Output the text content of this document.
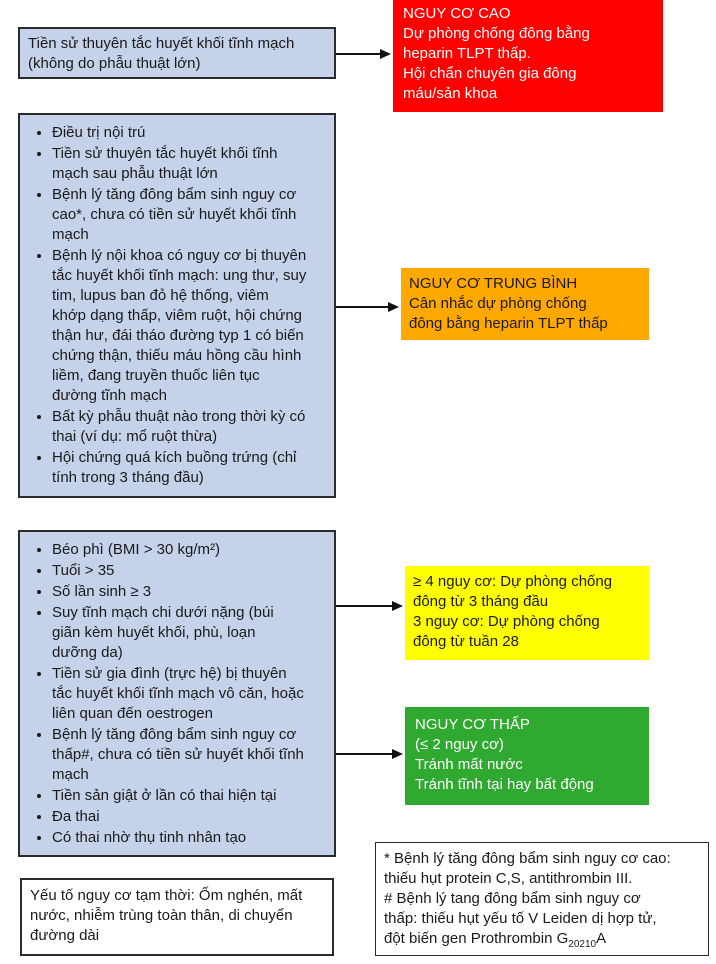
Tiền sử thuyên tắc huyết khối tĩnh mạch
(không do phẫu thuật lớn)
NGUY CƠ CAO
Dự phòng chống đông bằng
heparin TLPT thấp.
Hội chẩn chuyên gia đông
máu/sản khoa
• Điều trị nội trú
• Tiền sử thuyên tắc huyết khối tĩnh
mạch sau phẫu thuật lớn
• Bệnh lý tăng đông bẩm sinh nguy cơ
cao*, chưa có tiền sử huyết khối tĩnh
mạch
• Bệnh lý nội khoa có nguy cơ bị thuyên
tắc huyết khối tĩnh mạch: ung thư, suy
tim, lupus ban đỏ hệ thống, viêm
khớp dạng thấp, viêm ruột, hội chứng
thận hư, đái tháo đường typ 1 có biến
chứng thận, thiếu máu hồng cầu hình
liềm, đang truyền thuốc liên tục
đường tĩnh mạch
• Bất kỳ phẫu thuật nào trong thời kỳ có
thai (ví dụ: mổ ruột thừa)
• Hội chứng quá kích buồng trứng (chỉ
tính trong 3 tháng đầu)
NGUY CƠ TRUNG BÌNH
Cân nhắc dự phòng chống
đông bằng heparin TLPT thấp
• Béo phì (BMI > 30 kg/m²)
• Tuổi > 35
• Số lần sinh ≥ 3
• Suy tĩnh mạch chi dưới nặng (búi
giãn kèm huyết khối, phù, loạn
dưỡng da)
• Tiền sử gia đình (trực hệ) bị thuyên
tắc huyết khối tĩnh mạch vô căn, hoặc
liên quan đến oestrogen
• Bệnh lý tăng đông bẩm sinh nguy cơ
thấp#, chưa có tiền sử huyết khối tĩnh
mạch
• Tiền sản giật ở lần có thai hiện tại
• Đa thai
• Có thai nhờ thụ tinh nhân tạo
≥ 4 nguy cơ: Dự phòng chống
đông từ 3 tháng đầu
3 nguy cơ: Dự phòng chống
đông từ tuần 28
NGUY CƠ THẤP
(≤ 2 nguy cơ)
Tránh mất nước
Tránh tĩnh tại hay bất động
Yếu tố nguy cơ tạm thời: Ốm nghén, mất
nước, nhiễm trùng toàn thân, di chuyển
đường dài
* Bệnh lý tăng đông bẩm sinh nguy cơ cao:
thiếu hụt protein C,S, antithrombin III.
# Bệnh lý tang đông bẩm sinh nguy cơ
thấp: thiếu hụt yếu tố V Leiden dị hợp tử,
đột biến gen Prothrombin $G_{20210}A$
